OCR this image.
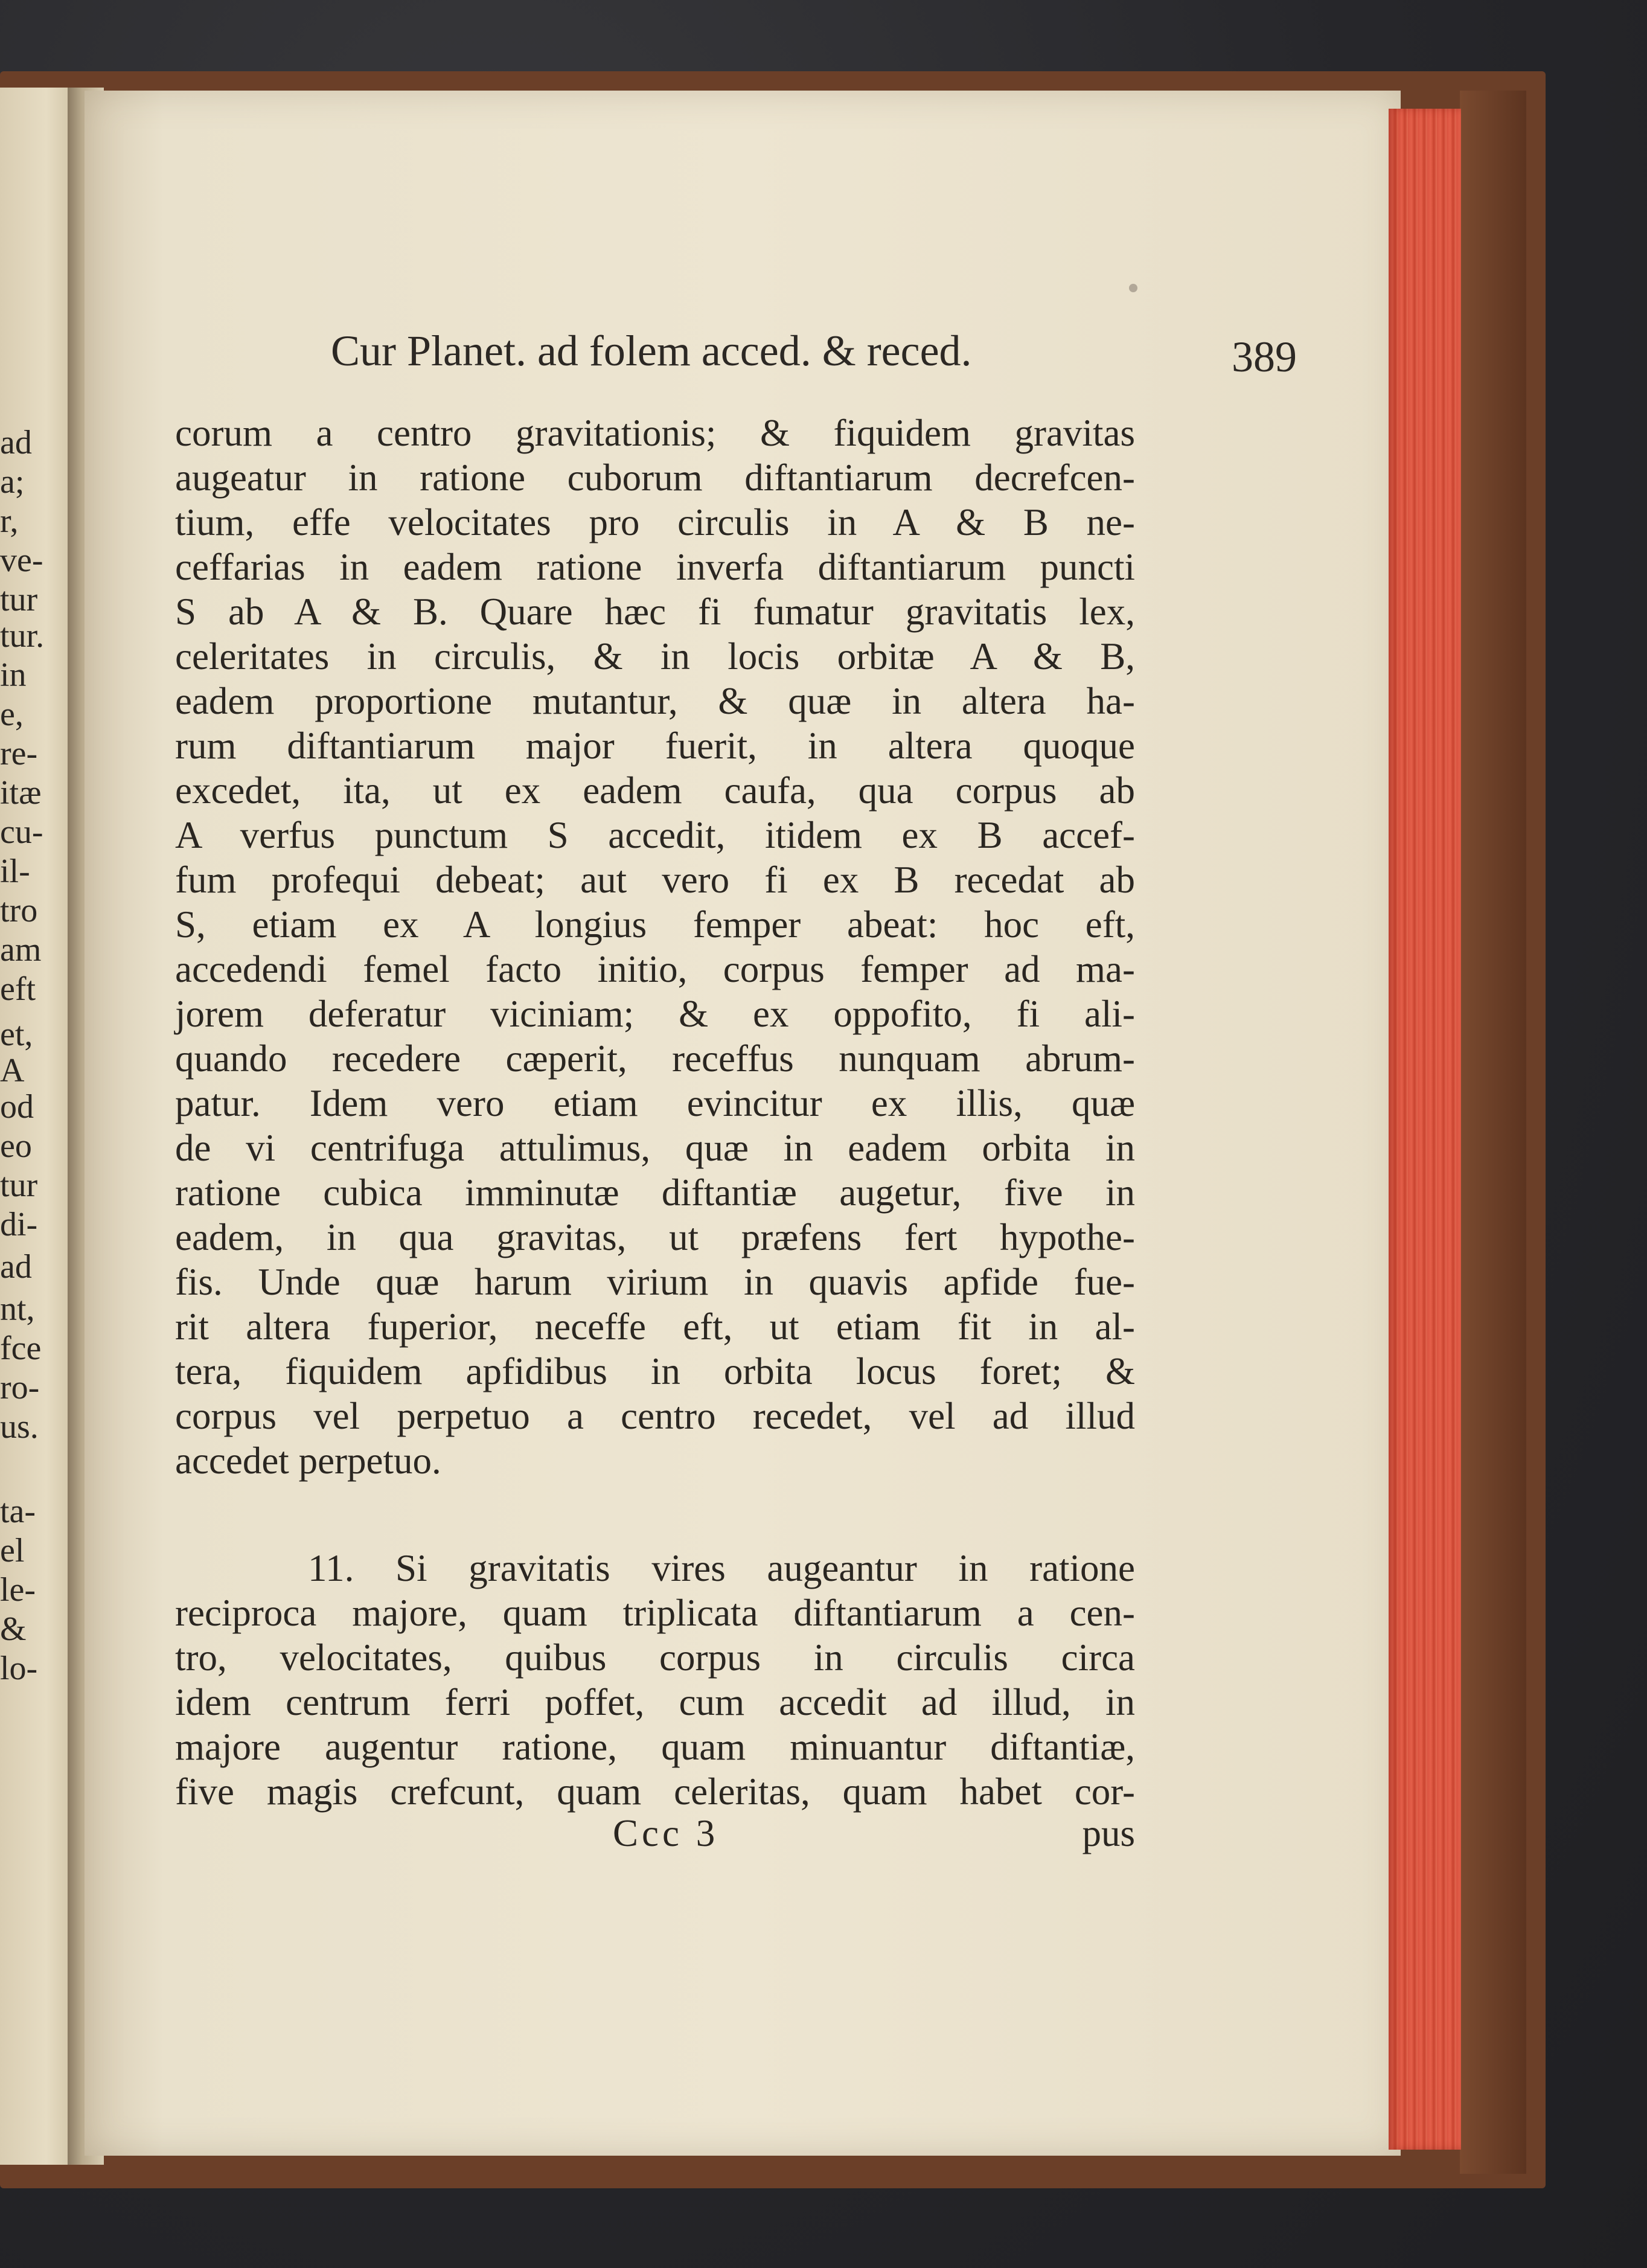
ad
a;
r,
ve-
tur
tur.
in
e,
re-
itæ
cu-
il-
tro
am
eft
et,
A
od
eo
tur
di-
ad
nt,
fce
ro-
us.
ta-
el
le-
&
lo-
Cur Planet. ad folem acced. & reced.	389
corum a centro gravitationis; & fiquidem gravitas
augeatur in ratione cuborum diftantiarum decrefcen-
tium, effe velocitates pro circulis in A & B ne-
ceffarias in eadem ratione inverfa diftantiarum puncti
S ab A & B. Quare hæc fi fumatur gravitatis lex,
celeritates in circulis, & in locis orbitæ A & B,
eadem proportione mutantur, & quæ in altera ha-
rum diftantiarum major fuerit, in altera quoque
excedet, ita, ut ex eadem caufa, qua corpus ab
A verfus punctum S accedit, itidem ex B accef-
fum profequi debeat; aut vero fi ex B recedat ab
S, etiam ex A longius femper abeat: hoc eft,
accedendi femel facto initio, corpus femper ad ma-
jorem deferatur viciniam; & ex oppofito, fi ali-
quando recedere cæperit, receffus nunquam abrum-
patur. Idem vero etiam evincitur ex illis, quæ
de vi centrifuga attulimus, quæ in eadem orbita in
ratione cubica imminutæ diftantiæ augetur, five in
eadem, in qua gravitas, ut præfens fert hypothe-
fis. Unde quæ harum virium in quavis apfide fue-
rit altera fuperior, neceffe eft, ut etiam fit in al-
tera, fiquidem apfidibus in orbita locus foret; &
corpus vel perpetuo a centro recedet, vel ad illud
accedet perpetuo.
11. Si gravitatis vires augeantur in ratione
reciproca majore, quam triplicata diftantiarum a cen-
tro, velocitates, quibus corpus in circulis circa
idem centrum ferri poffet, cum accedit ad illud, in
majore augentur ratione, quam minuantur diftantiæ,
five magis crefcunt, quam celeritas, quam habet cor-
Ccc 3	pus
